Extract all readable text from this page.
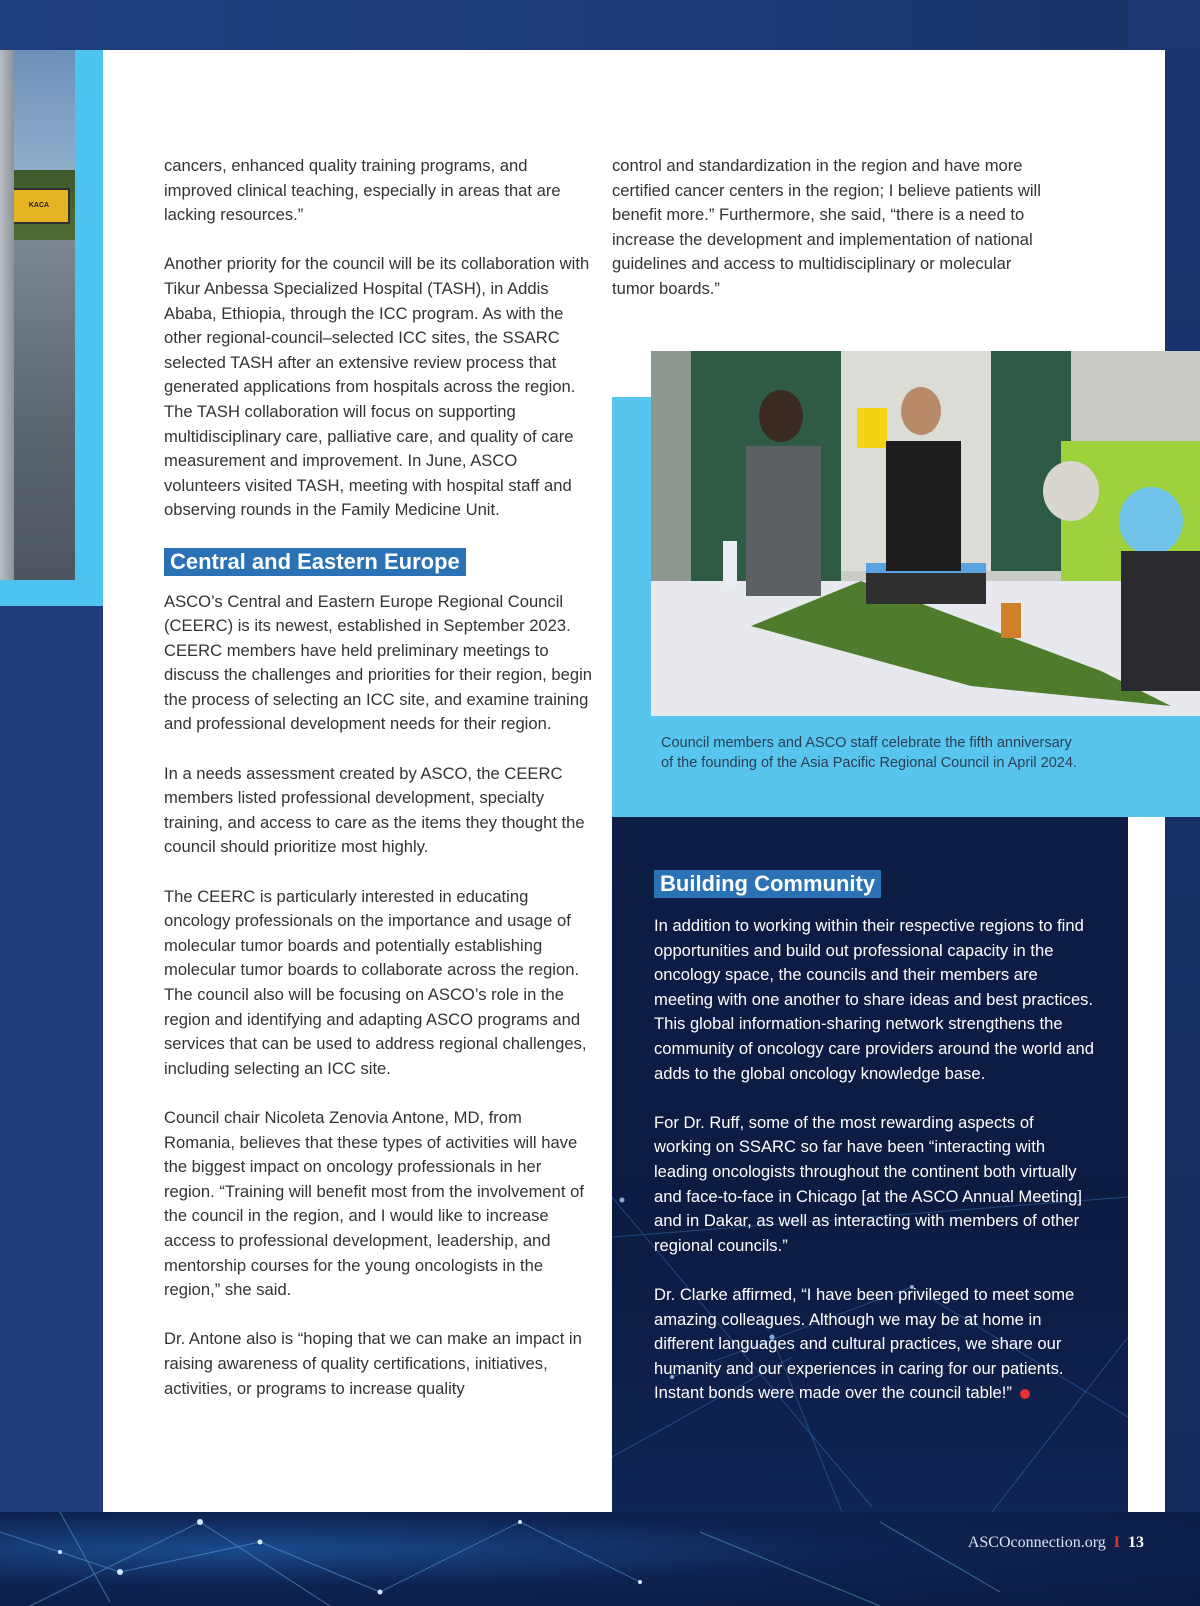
KACA

cancers, enhanced quality training programs, and improved clinical teaching, especially in areas that are lacking resources.”

Another priority for the council will be its collaboration with Tikur Anbessa Specialized Hospital (TASH), in Addis Ababa, Ethiopia, through the ICC program. As with the other regional-council–selected ICC sites, the SSARC selected TASH after an extensive review process that generated applications from hospitals across the region. The TASH collaboration will focus on supporting multidisciplinary care, palliative care, and quality of care measurement and improvement. In June, ASCO volunteers visited TASH, meeting with hospital staff and observing rounds in the Family Medicine Unit.

Central and Eastern Europe

ASCO’s Central and Eastern Europe Regional Council (CEERC) is its newest, established in September 2023. CEERC members have held preliminary meetings to discuss the challenges and priorities for their region, begin the process of selecting an ICC site, and examine training and professional development needs for their region.

In a needs assessment created by ASCO, the CEERC members listed professional development, specialty training, and access to care as the items they thought the council should prioritize most highly.

The CEERC is particularly interested in educating oncology professionals on the importance and usage of molecular tumor boards and potentially establishing molecular tumor boards to collaborate across the region. The council also will be focusing on ASCO’s role in the region and identifying and adapting ASCO programs and services that can be used to address regional challenges, including selecting an ICC site.

Council chair Nicoleta Zenovia Antone, MD, from Romania, believes that these types of activities will have the biggest impact on oncology professionals in her region. “Training will benefit most from the involvement of the council in the region, and I would like to increase access to professional development, leadership, and mentorship courses for the young oncologists in the region,” she said.

Dr. Antone also is “hoping that we can make an impact in raising awareness of quality certifications, initiatives, activities, or programs to increase quality

control and standardization in the region and have more certified cancer centers in the region; I believe patients will benefit more.” Furthermore, she said, “there is a need to increase the development and implementation of national guidelines and access to multidisciplinary or molecular tumor boards.”

Council members and ASCO staff celebrate the fifth anniversary of the founding of the Asia Pacific Regional Council in April 2024.
Building Community

In addition to working within their respective regions to find opportunities and build out professional capacity in the oncology space, the councils and their members are meeting with one another to share ideas and best practices. This global information-sharing network strengthens the community of oncology care providers around the world and adds to the global oncology knowledge base.

For Dr. Ruff, some of the most rewarding aspects of working on SSARC so far have been “interacting with leading oncologists throughout the continent both virtually and face-to-face in Chicago [at the ASCO Annual Meeting] and in Dakar, as well as interacting with members of other regional councils.”

Dr. Clarke affirmed, “I have been privileged to meet some amazing colleagues. Although we may be at home in different languages and cultural practices, we share our humanity and our experiences in caring for our patients. Instant bonds were made over the council table!”

ASCOconnection.org I 13
